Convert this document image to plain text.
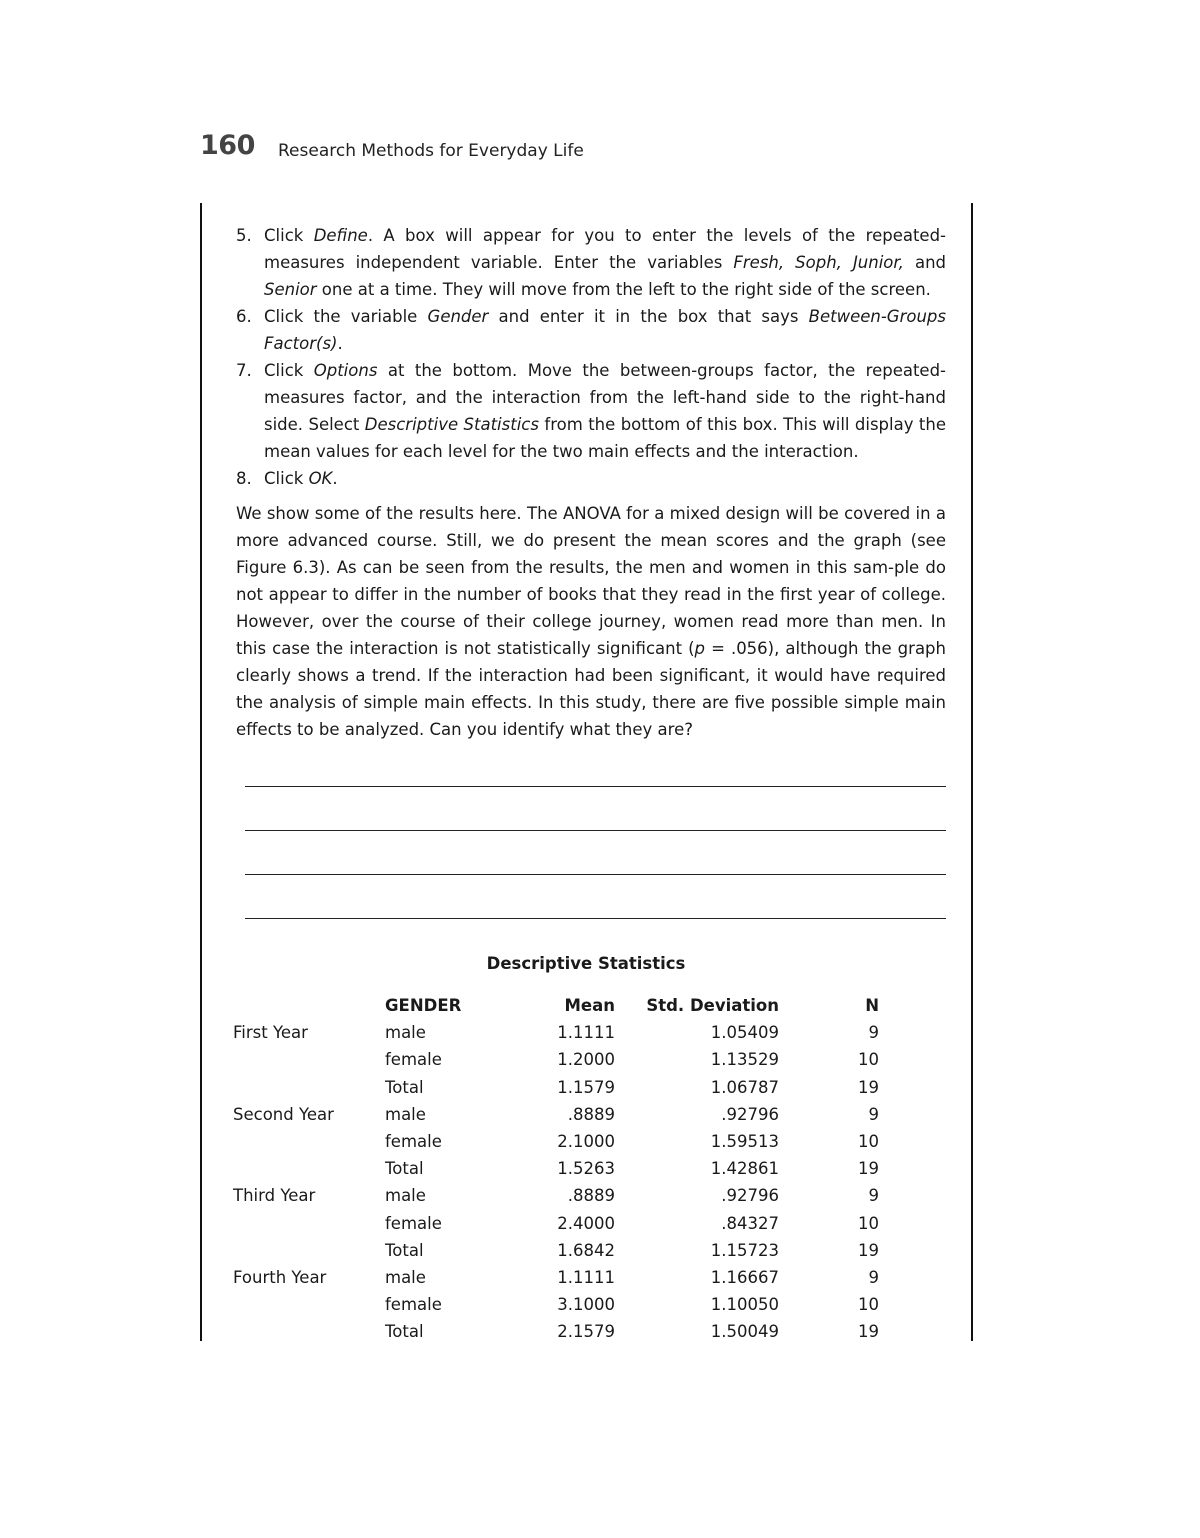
160 Research Methods for Everyday Life
5. Click Define. A box will appear for you to enter the levels of the repeated-measures independent variable. Enter the variables Fresh, Soph, Junior, and Senior one at a time. They will move from the left to the right side of the screen.
6. Click the variable Gender and enter it in the box that says Between-Groups Factor(s).
7. Click Options at the bottom. Move the between-groups factor, the repeated-measures factor, and the interaction from the left-hand side to the right-hand side. Select Descriptive Statistics from the bottom of this box. This will display the mean values for each level for the two main effects and the interaction.
8. Click OK.

We show some of the results here. The ANOVA for a mixed design will be covered in a more advanced course. Still, we do present the mean scores and the graph (see Figure 6.3). As can be seen from the results, the men and women in this sam-ple do not appear to differ in the number of books that they read in the first year of college. However, over the course of their college journey, women read more than men. In this case the interaction is not statistically significant (p = .056), although the graph clearly shows a trend. If the interaction had been significant, it would have required the analysis of simple main effects. In this study, there are five possible simple main effects to be analyzed. Can you identify what they are?

Descriptive Statistics
	GENDER	Mean	Std. Deviation	N
First Year	male	1.1111	1.05409	9
	female	1.2000	1.13529	10
	Total	1.1579	1.06787	19
Second Year	male	.8889	.92796	9
	female	2.1000	1.59513	10
	Total	1.5263	1.42861	19
Third Year	male	.8889	.92796	9
	female	2.4000	.84327	10
	Total	1.6842	1.15723	19
Fourth Year	male	1.1111	1.16667	9
	female	3.1000	1.10050	10
	Total	2.1579	1.50049	19
